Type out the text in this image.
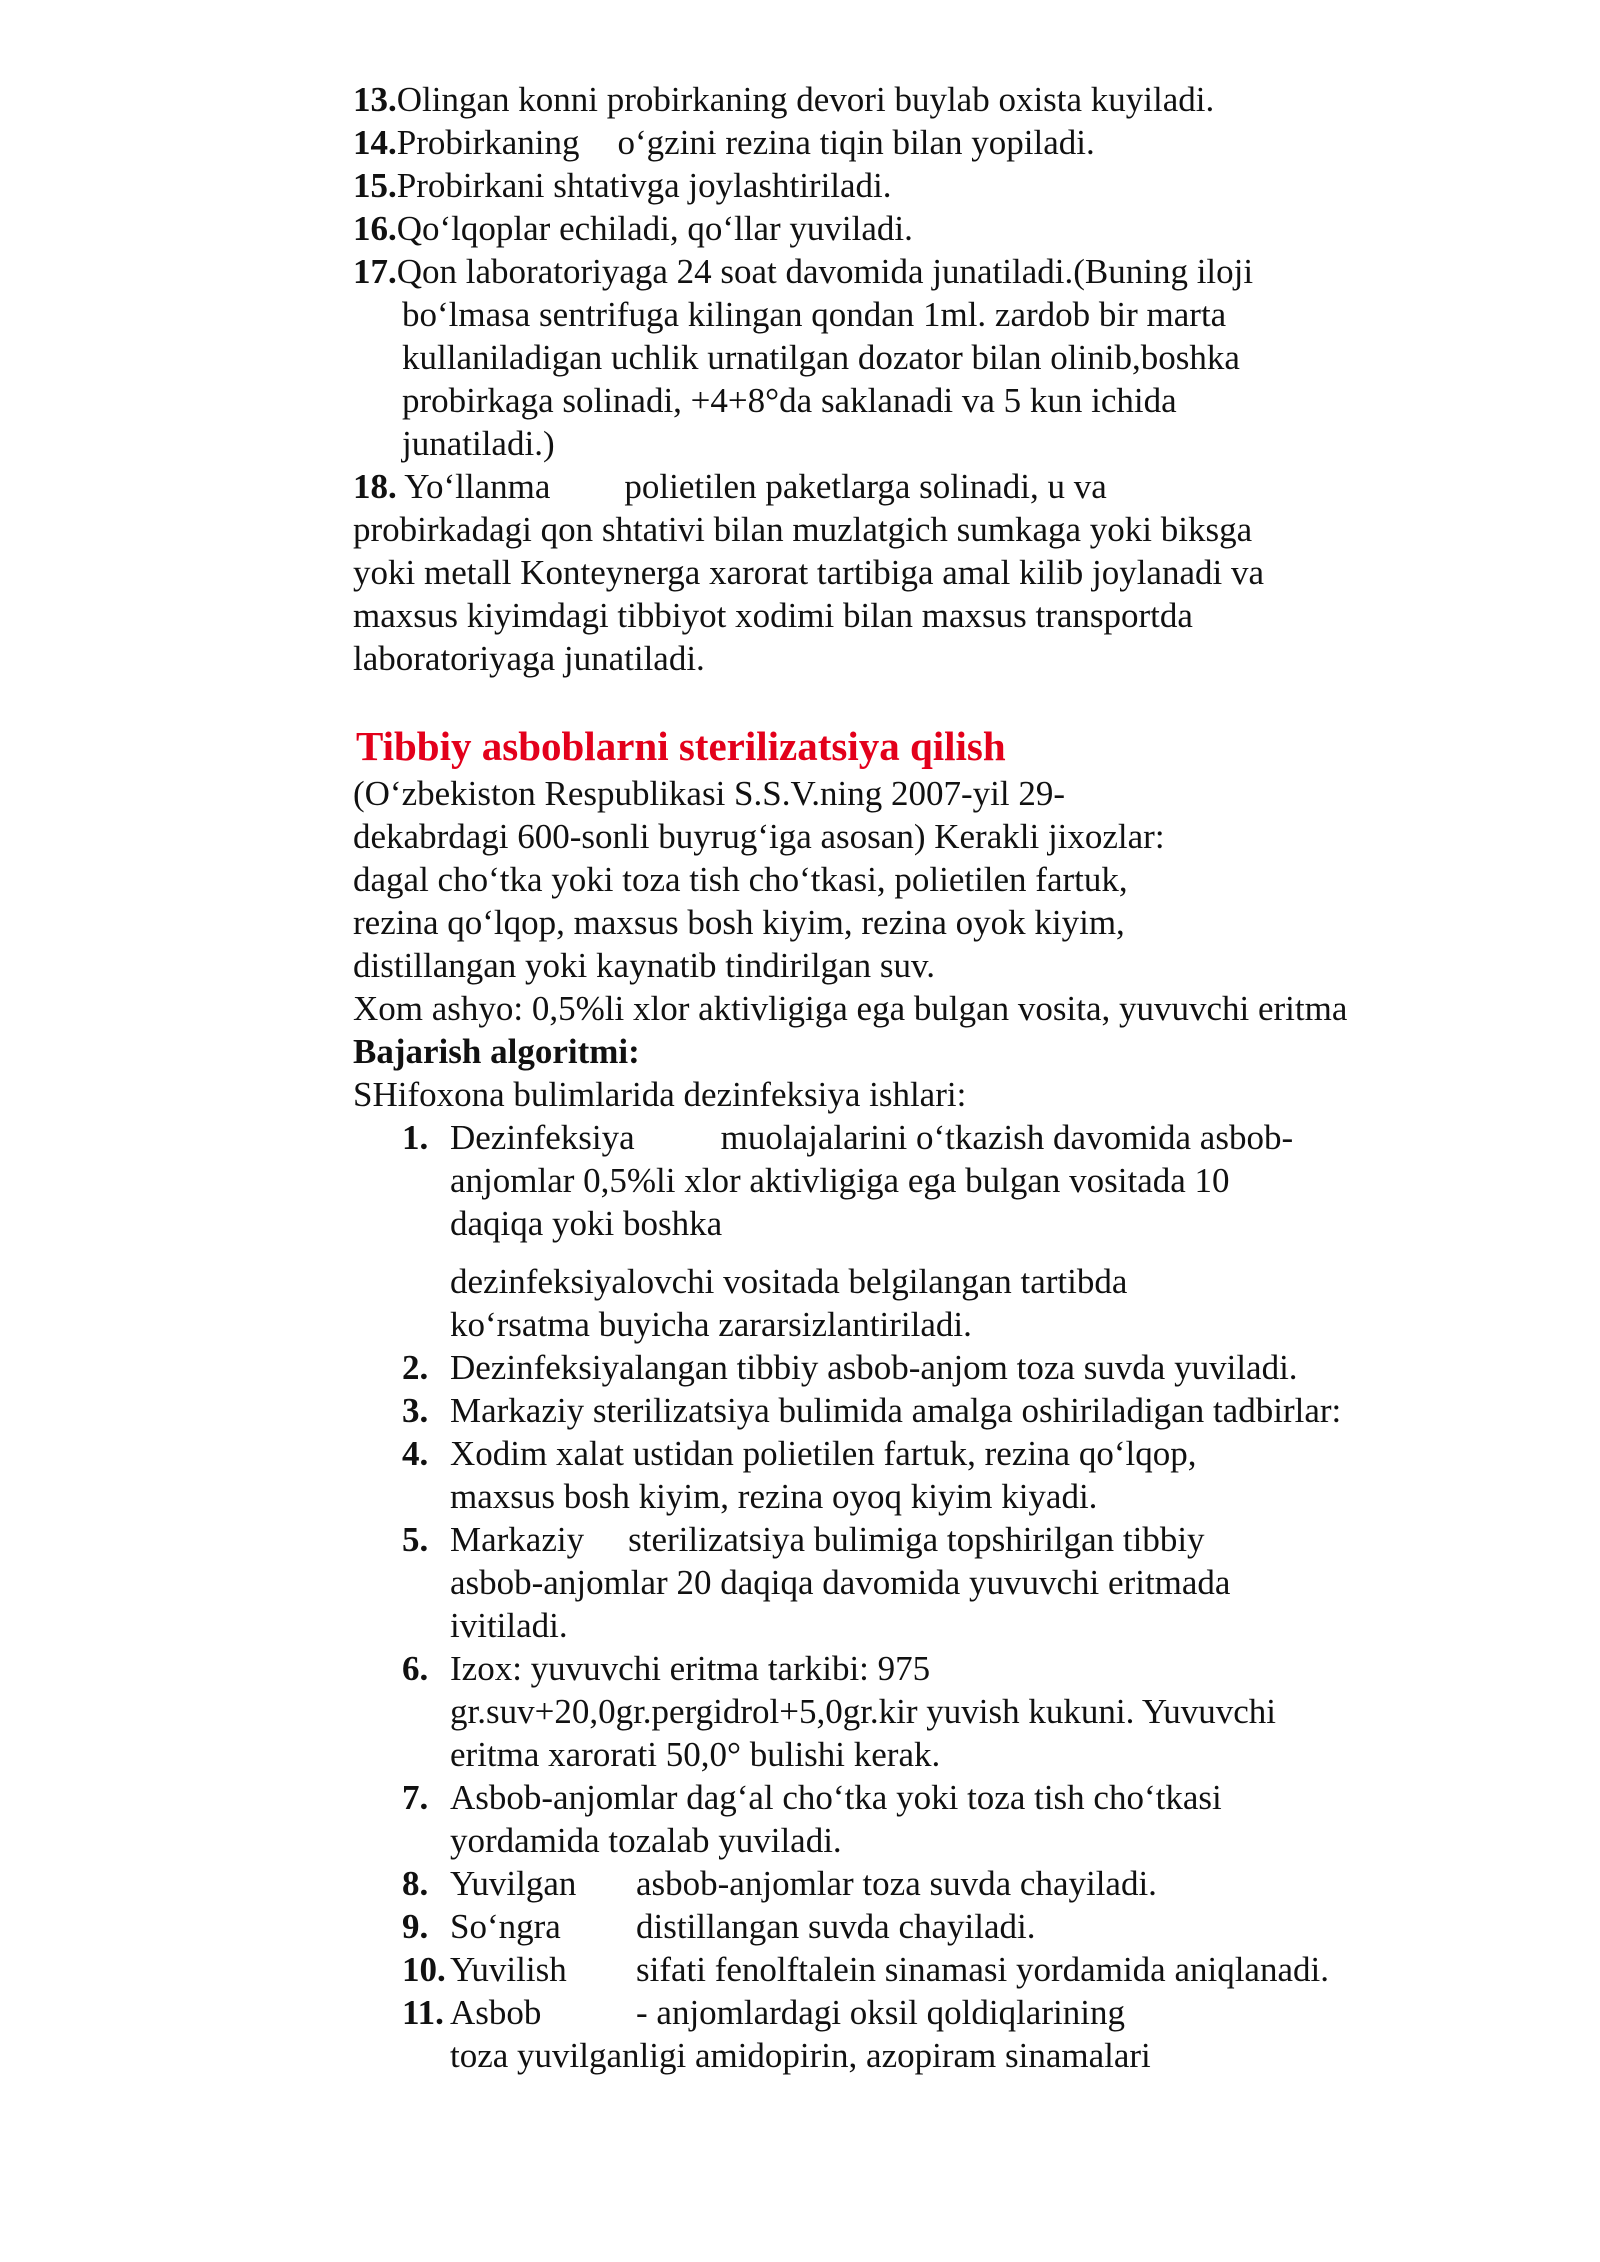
13.Olingan konni probirkaning devori buylab oxista kuyiladi.
14.Probirkaning o‘gzini rezina tiqin bilan yopiladi.
15.Probirkani shtativga joylashtiriladi.
16.Qo‘lqoplar echiladi, qo‘llar yuviladi.
17.Qon laboratoriyaga 24 soat davomida junatiladi.(Buning iloji
bo‘lmasa sentrifuga kilingan qondan 1ml. zardob bir marta
kullaniladigan uchlik urnatilgan dozator bilan olinib,boshka
probirkaga solinadi, +4+8°da saklanadi va 5 kun ichida
junatiladi.)
18. Yo‘llanma polietilen paketlarga solinadi, u va
probirkadagi qon shtativi bilan muzlatgich sumkaga yoki biksga
yoki metall Konteynerga xarorat tartibiga amal kilib joylanadi va
maxsus kiyimdagi tibbiyot xodimi bilan maxsus transportda
laboratoriyaga junatiladi.
Tibbiy asboblarni sterilizatsiya qilish
(O‘zbekiston Respublikasi S.S.V.ning 2007-yil 29-
dekabrdagi 600-sonli buyrug‘iga asosan) Kerakli jixozlar:
dagal cho‘tka yoki toza tish cho‘tkasi, polietilen fartuk,
rezina qo‘lqop, maxsus bosh kiyim, rezina oyok kiyim,
distillangan yoki kaynatib tindirilgan suv.
Xom ashyo: 0,5%li xlor aktivligiga ega bulgan vosita, yuvuvchi eritma
Bajarish algoritmi:
SHifoxona bulimlarida dezinfeksiya ishlari:
1. Dezinfeksiya muolajalarini o‘tkazish davomida asbob-
anjomlar 0,5%li xlor aktivligiga ega bulgan vositada 10
daqiqa yoki boshka
dezinfeksiyalovchi vositada belgilangan tartibda
ko‘rsatma buyicha zararsizlantiriladi.
2. Dezinfeksiyalangan tibbiy asbob-anjom toza suvda yuviladi.
3. Markaziy sterilizatsiya bulimida amalga oshiriladigan tadbirlar:
4. Xodim xalat ustidan polietilen fartuk, rezina qo‘lqop,
maxsus bosh kiyim, rezina oyoq kiyim kiyadi.
5. Markaziy sterilizatsiya bulimiga topshirilgan tibbiy
asbob-anjomlar 20 daqiqa davomida yuvuvchi eritmada
ivitiladi.
6. Izox: yuvuvchi eritma tarkibi: 975
gr.suv+20,0gr.pergidrol+5,0gr.kir yuvish kukuni. Yuvuvchi
eritma xarorati 50,0° bulishi kerak.
7. Asbob-anjomlar dag‘al cho‘tka yoki toza tish cho‘tkasi
yordamida tozalab yuviladi.
8. Yuvilgan asbob-anjomlar toza suvda chayiladi.
9. So‘ngra distillangan suvda chayiladi.
10. Yuvilish sifati fenolftalein sinamasi yordamida aniqlanadi.
11. Asbob	- anjomlardagi oksil qoldiqlarining
toza yuvilganligi amidopirin, azopiram sinamalari
